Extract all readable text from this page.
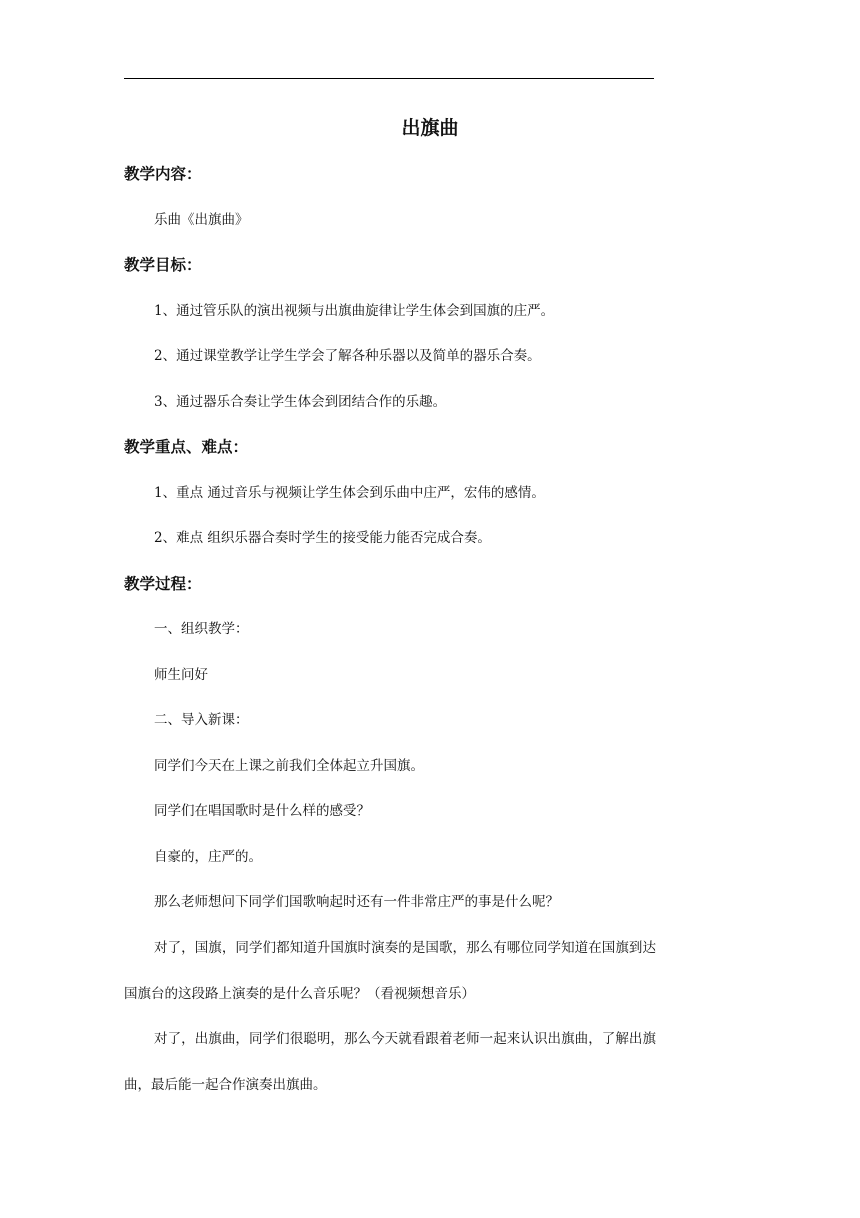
出旗曲
教学内容：

乐曲《出旗曲》

教学目标：

1、通过管乐队的演出视频与出旗曲旋律让学生体会到国旗的庄严。

2、通过课堂教学让学生学会了解各种乐器以及简单的器乐合奏。

3、通过器乐合奏让学生体会到团结合作的乐趣。

教学重点、难点：

1、重点 通过音乐与视频让学生体会到乐曲中庄严，宏伟的感情。

2、难点 组织乐器合奏时学生的接受能力能否完成合奏。

教学过程：

一、组织教学：

师生问好

二、导入新课：

同学们今天在上课之前我们全体起立升国旗。

同学们在唱国歌时是什么样的感受？

自豪的，庄严的。

那么老师想问下同学们国歌响起时还有一件非常庄严的事是什么呢？

对了，国旗，同学们都知道升国旗时演奏的是国歌，那么有哪位同学知道在国旗到达国旗台的这段路上演奏的是什么音乐呢？（看视频想音乐）

对了，出旗曲，同学们很聪明，那么今天就看跟着老师一起来认识出旗曲，了解出旗曲，最后能一起合作演奏出旗曲。
